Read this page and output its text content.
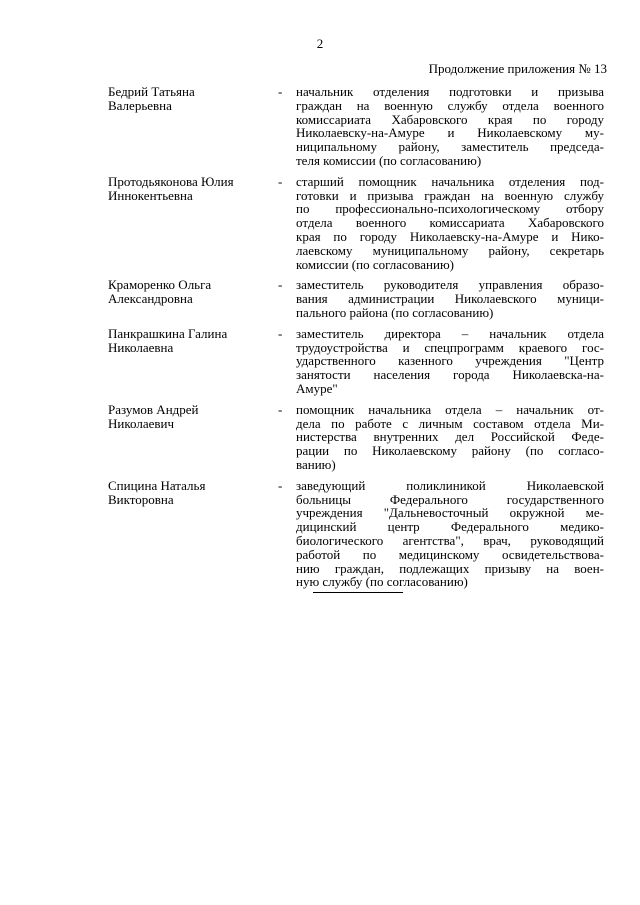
2
Продолжение приложения № 13
Бедрий Татьяна
Валерьевна
-	начальник отделения подготовки и призыва
граждан на военную службу отдела военного
комиссариата Хабаровского края по городу
Николаевску-на-Амуре и Николаевскому му-
ниципальному району, заместитель председа-
теля комиссии (по согласованию)
Протодьяконова Юлия
Иннокентьевна
-	старший помощник начальника отделения под-
готовки и призыва граждан на военную службу
по профессионально-психологическому отбору
отдела военного комиссариата Хабаровского
края по городу Николаевску-на-Амуре и Нико-
лаевскому муниципальному району, секретарь
комиссии (по согласованию)
Краморенко Ольга
Александровна
-	заместитель руководителя управления образо-
вания администрации Николаевского муници-
пального района (по согласованию)
Панкрашкина Галина
Николаевна
-	заместитель директора – начальник отдела
трудоустройства и спецпрограмм краевого гос-
ударственного казенного учреждения "Центр
занятости населения города Николаевска-на-
Амуре"
Разумов Андрей
Николаевич
-	помощник начальника отдела – начальник от-
дела по работе с личным составом отдела Ми-
нистерства внутренних дел Российской Феде-
рации по Николаевскому району (по согласо-
ванию)
Спицина Наталья
Викторовна
-	заведующий поликлиникой Николаевской
больницы Федерального государственного
учреждения "Дальневосточный окружной ме-
дицинский центр Федерального медико-
биологического агентства", врач, руководящий
работой по медицинскому освидетельствова-
нию граждан, подлежащих призыву на воен-
ную службу (по согласованию)
